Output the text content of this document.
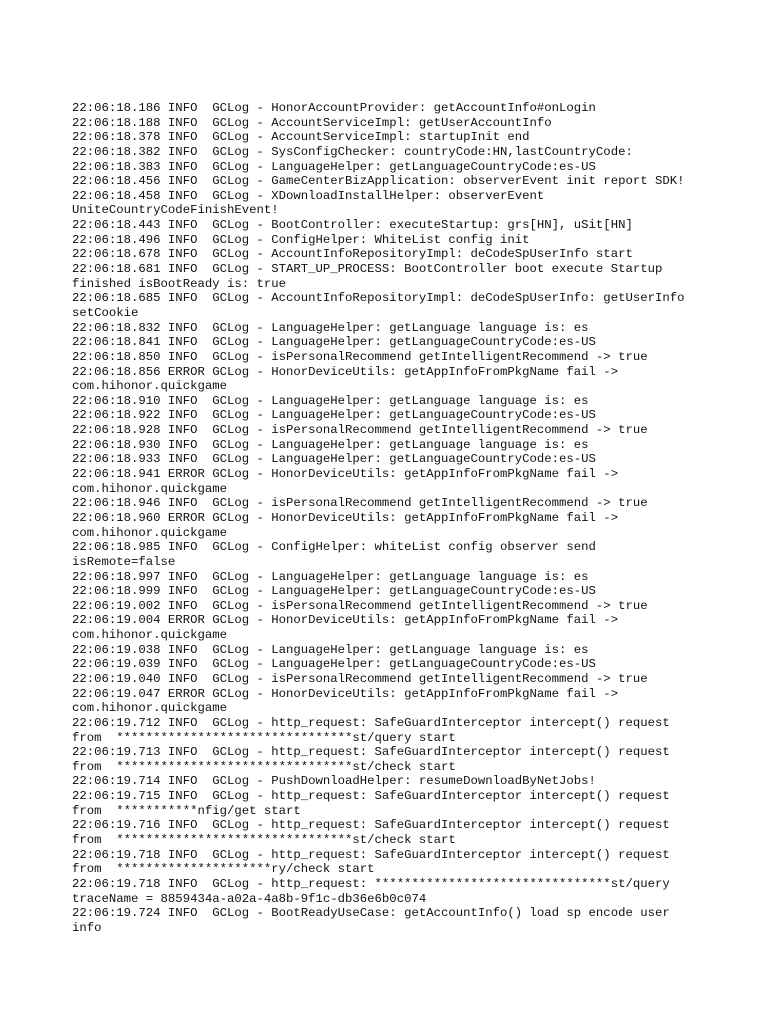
22:06:18.186 INFO  GCLog - HonorAccountProvider: getAccountInfo#onLogin
22:06:18.188 INFO  GCLog - AccountServiceImpl: getUserAccountInfo
22:06:18.378 INFO  GCLog - AccountServiceImpl: startupInit end
22:06:18.382 INFO  GCLog - SysConfigChecker: countryCode:HN,lastCountryCode:
22:06:18.383 INFO  GCLog - LanguageHelper: getLanguageCountryCode:es-US
22:06:18.456 INFO  GCLog - GameCenterBizApplication: observerEvent init report SDK!
22:06:18.458 INFO  GCLog - XDownloadInstallHelper: observerEvent
UniteCountryCodeFinishEvent!
22:06:18.443 INFO  GCLog - BootController: executeStartup: grs[HN], uSit[HN]
22:06:18.496 INFO  GCLog - ConfigHelper: WhiteList config init
22:06:18.678 INFO  GCLog - AccountInfoRepositoryImpl: deCodeSpUserInfo start
22:06:18.681 INFO  GCLog - START_UP_PROCESS: BootController boot execute Startup
finished isBootReady is: true
22:06:18.685 INFO  GCLog - AccountInfoRepositoryImpl: deCodeSpUserInfo: getUserInfo
setCookie
22:06:18.832 INFO  GCLog - LanguageHelper: getLanguage language is: es
22:06:18.841 INFO  GCLog - LanguageHelper: getLanguageCountryCode:es-US
22:06:18.850 INFO  GCLog - isPersonalRecommend getIntelligentRecommend -> true
22:06:18.856 ERROR GCLog - HonorDeviceUtils: getAppInfoFromPkgName fail ->
com.hihonor.quickgame
22:06:18.910 INFO  GCLog - LanguageHelper: getLanguage language is: es
22:06:18.922 INFO  GCLog - LanguageHelper: getLanguageCountryCode:es-US
22:06:18.928 INFO  GCLog - isPersonalRecommend getIntelligentRecommend -> true
22:06:18.930 INFO  GCLog - LanguageHelper: getLanguage language is: es
22:06:18.933 INFO  GCLog - LanguageHelper: getLanguageCountryCode:es-US
22:06:18.941 ERROR GCLog - HonorDeviceUtils: getAppInfoFromPkgName fail ->
com.hihonor.quickgame
22:06:18.946 INFO  GCLog - isPersonalRecommend getIntelligentRecommend -> true
22:06:18.960 ERROR GCLog - HonorDeviceUtils: getAppInfoFromPkgName fail ->
com.hihonor.quickgame
22:06:18.985 INFO  GCLog - ConfigHelper: whiteList config observer send
isRemote=false
22:06:18.997 INFO  GCLog - LanguageHelper: getLanguage language is: es
22:06:18.999 INFO  GCLog - LanguageHelper: getLanguageCountryCode:es-US
22:06:19.002 INFO  GCLog - isPersonalRecommend getIntelligentRecommend -> true
22:06:19.004 ERROR GCLog - HonorDeviceUtils: getAppInfoFromPkgName fail ->
com.hihonor.quickgame
22:06:19.038 INFO  GCLog - LanguageHelper: getLanguage language is: es
22:06:19.039 INFO  GCLog - LanguageHelper: getLanguageCountryCode:es-US
22:06:19.040 INFO  GCLog - isPersonalRecommend getIntelligentRecommend -> true
22:06:19.047 ERROR GCLog - HonorDeviceUtils: getAppInfoFromPkgName fail ->
com.hihonor.quickgame
22:06:19.712 INFO  GCLog - http_request: SafeGuardInterceptor intercept() request
from  ********************************st/query start
22:06:19.713 INFO  GCLog - http_request: SafeGuardInterceptor intercept() request
from  ********************************st/check start
22:06:19.714 INFO  GCLog - PushDownloadHelper: resumeDownloadByNetJobs!
22:06:19.715 INFO  GCLog - http_request: SafeGuardInterceptor intercept() request
from  ***********nfig/get start
22:06:19.716 INFO  GCLog - http_request: SafeGuardInterceptor intercept() request
from  ********************************st/check start
22:06:19.718 INFO  GCLog - http_request: SafeGuardInterceptor intercept() request
from  *********************ry/check start
22:06:19.718 INFO  GCLog - http_request: ********************************st/query
traceName = 8859434a-a02a-4a8b-9f1c-db36e6b0c074
22:06:19.724 INFO  GCLog - BootReadyUseCase: getAccountInfo() load sp encode user
info
